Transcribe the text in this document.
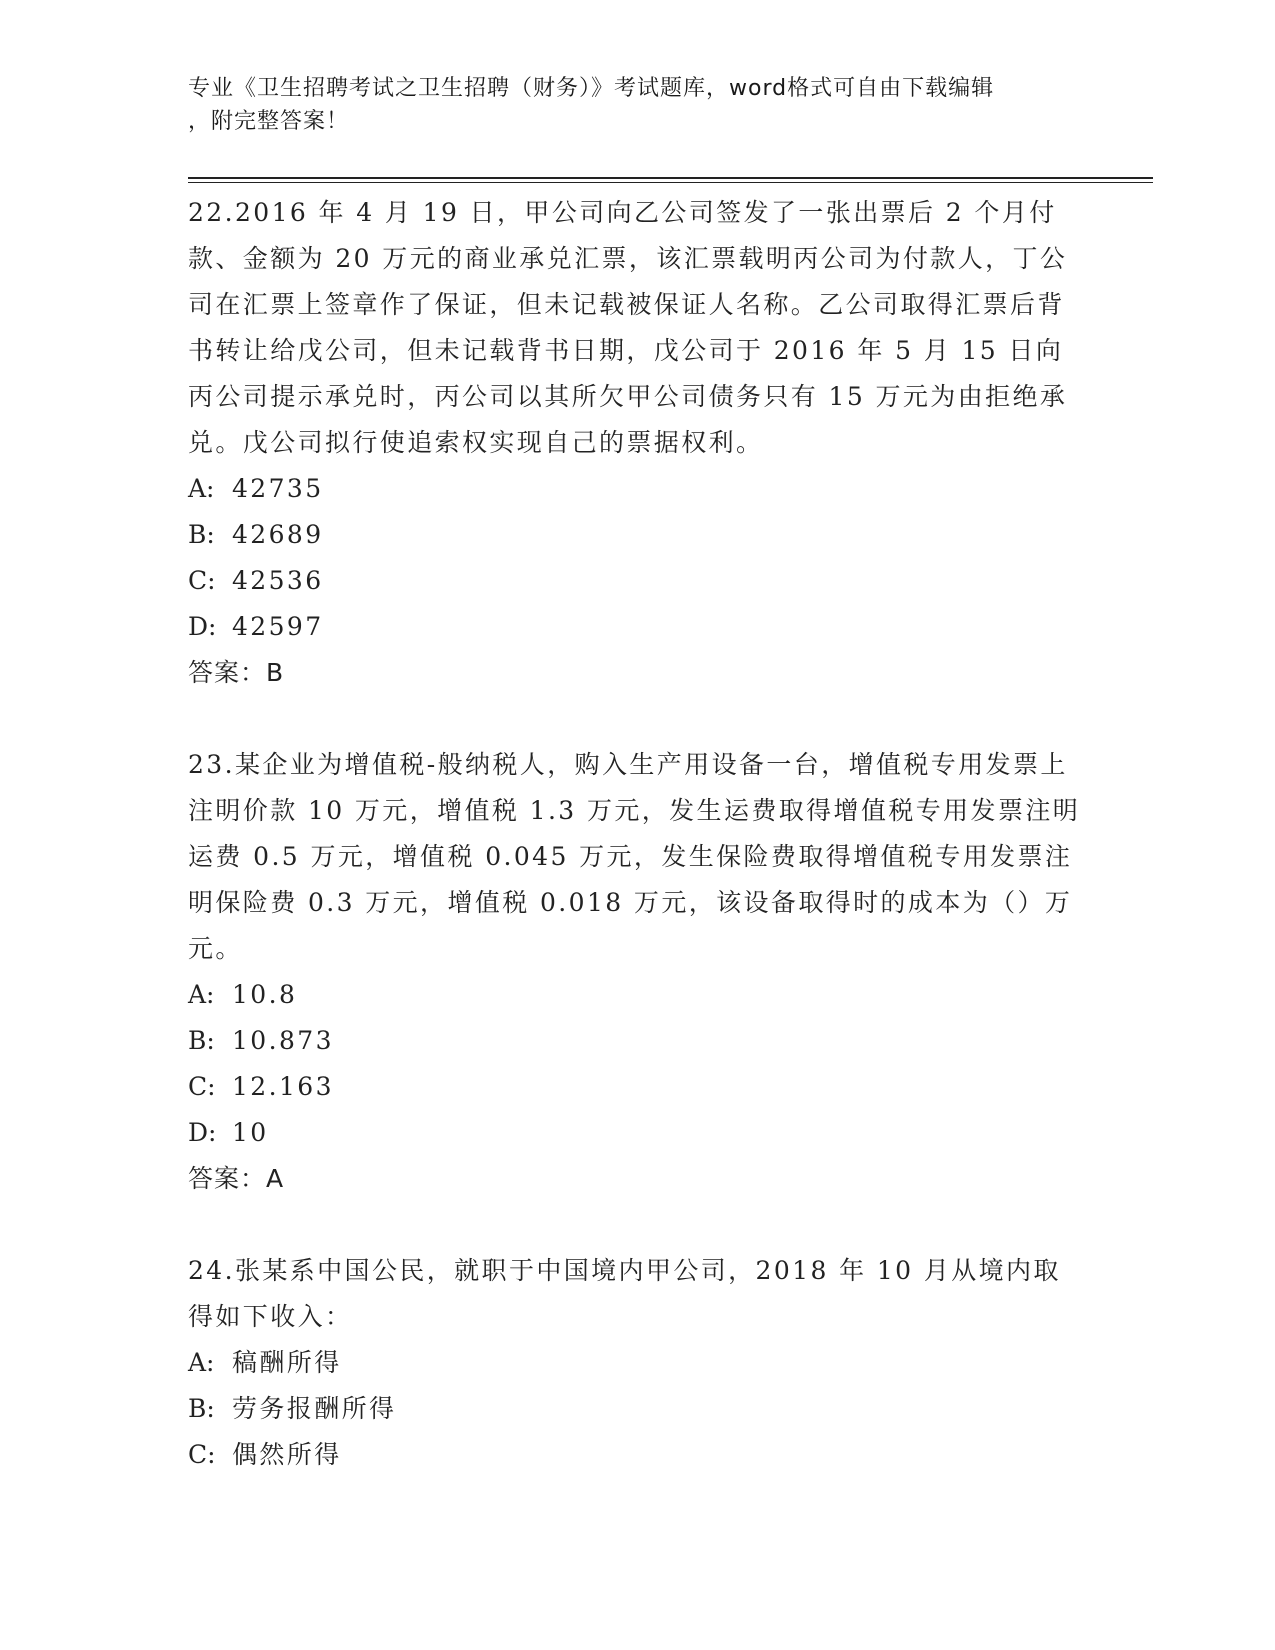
专业《卫生招聘考试之卫生招聘（财务）》考试题库，word格式可自由下载编辑
，附完整答案！

22.2016 年 4 月 19 日，甲公司向乙公司签发了一张出票后 2 个月付款、金额为 20 万元的商业承兑汇票，该汇票载明丙公司为付款人，丁公司在汇票上签章作了保证，但未记载被保证人名称。乙公司取得汇票后背书转让给戊公司，但未记载背书日期，戊公司于 2016 年 5 月 15 日向丙公司提示承兑时，丙公司以其所欠甲公司债务只有 15 万元为由拒绝承兑。戊公司拟行使追索权实现自己的票据权利。

A: 42735

B: 42689

C: 42536

D: 42597

答案：B

23.某企业为增值税-般纳税人，购入生产用设备一台，增值税专用发票上注明价款 10 万元，增值税 1.3 万元，发生运费取得增值税专用发票注明运费 0.5 万元，增值税 0.045 万元，发生保险费取得增值税专用发票注明保险费 0.3 万元，增值税 0.018 万元，该设备取得时的成本为（）万元。

A: 10.8

B: 10.873

C: 12.163

D: 10

答案：A

24.张某系中国公民，就职于中国境内甲公司，2018 年 10 月从境内取得如下收入：

A: 稿酬所得

B: 劳务报酬所得

C: 偶然所得
